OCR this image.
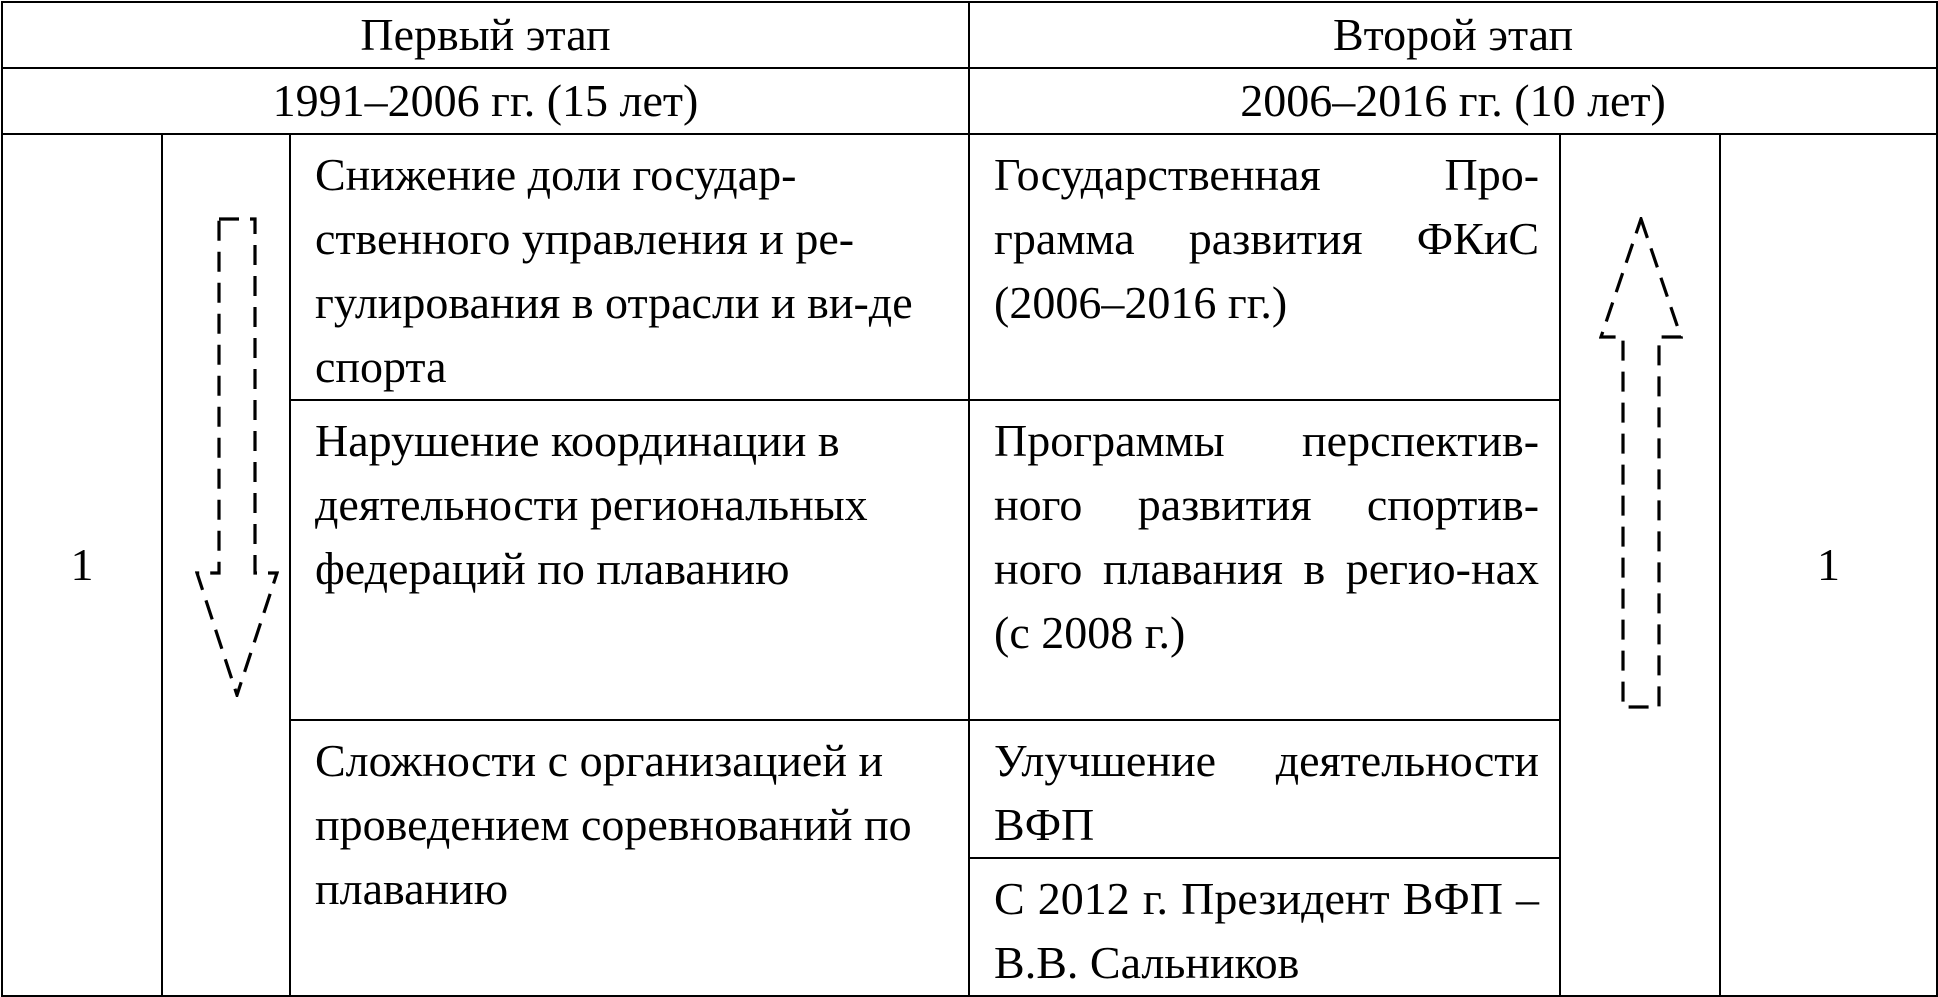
Первый этап			Второй этап		
1991–2006 гг. (15 лет)			2006–2016 гг. (10 лет)		
1		Снижение доли государ-ственного управления и ре-гулирования в отрасли и ви-де спорта	Государственная Про-грамма развития ФКиС (2006–2016 гг.)		1
		Нарушение координации в деятельности региональных федераций по плаванию	Программы перспектив-ного развития спортив-ного плавания в регио-нах (с 2008 г.)		
		Сложности с организацией и проведением соревнований по плаванию	Улучшение деятельности ВФП		
			С 2012 г. Президент ВФП – В.В. Сальников		
